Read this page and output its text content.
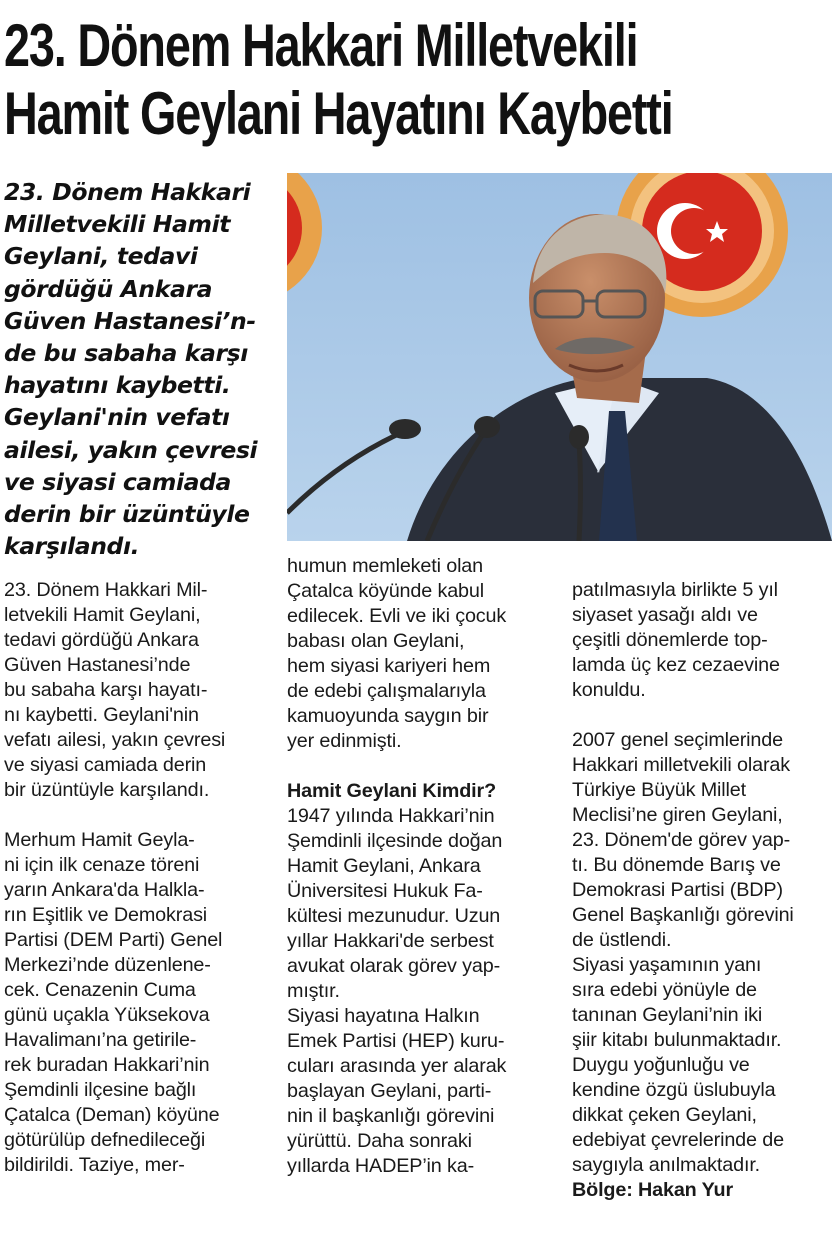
23. Dönem Hakkari Milletvekili
Hamit Geylani Hayatını Kaybetti

23. Dönem Hakkari
Milletvekili Hamit
Geylani, tedavi
gördüğü Ankara
Güven Hastanesi’n-
de bu sabaha karşı
hayatını kaybetti.
Geylani'nin vefatı
ailesi, yakın çevresi
ve siyasi camiada
derin bir üzüntüyle
karşılandı.

23. Dönem Hakkari Mil-
letvekili Hamit Geylani,
tedavi gördüğü Ankara
Güven Hastanesi’nde
bu sabaha karşı hayatı-
nı kaybetti. Geylani'nin
vefatı ailesi, yakın çevresi
ve siyasi camiada derin
bir üzüntüyle karşılandı.

Merhum Hamit Geyla-
ni için ilk cenaze töreni
yarın Ankara'da Halkla-
rın Eşitlik ve Demokrasi
Partisi (DEM Parti) Genel
Merkezi’nde düzenlene-
cek. Cenazenin Cuma
günü uçakla Yüksekova
Havalimanı’na getirile-
rek buradan Hakkari’nin
Şemdinli ilçesine bağlı
Çatalca (Deman) köyüne
götürülüp defnedileceği
bildirildi. Taziye, mer-

humun memleketi olan
Çatalca köyünde kabul
edilecek. Evli ve iki çocuk
babası olan Geylani,
hem siyasi kariyeri hem
de edebi çalışmalarıyla
kamuoyunda saygın bir
yer edinmişti.

Hamit Geylani Kimdir?

1947 yılında Hakkari’nin
Şemdinli ilçesinde doğan
Hamit Geylani, Ankara
Üniversitesi Hukuk Fa-
kültesi mezunudur. Uzun
yıllar Hakkari'de serbest
avukat olarak görev yap-
mıştır.
Siyasi hayatına Halkın
Emek Partisi (HEP) kuru-
cuları arasında yer alarak
başlayan Geylani, parti-
nin il başkanlığı görevini
yürüttü. Daha sonraki
yıllarda HADEP’in ka-

patılmasıyla birlikte 5 yıl
siyaset yasağı aldı ve
çeşitli dönemlerde top-
lamda üç kez cezaevine
konuldu.

2007 genel seçimlerinde
Hakkari milletvekili olarak
Türkiye Büyük Millet
Meclisi’ne giren Geylani,
23. Dönem'de görev yap-
tı. Bu dönemde Barış ve
Demokrasi Partisi (BDP)
Genel Başkanlığı görevini
de üstlendi.
Siyasi yaşamının yanı
sıra edebi yönüyle de
tanınan Geylani’nin iki
şiir kitabı bulunmaktadır.
Duygu yoğunluğu ve
kendine özgü üslubuyla
dikkat çeken Geylani,
edebiyat çevrelerinde de
saygıyla anılmaktadır.

Bölge: Hakan Yur
